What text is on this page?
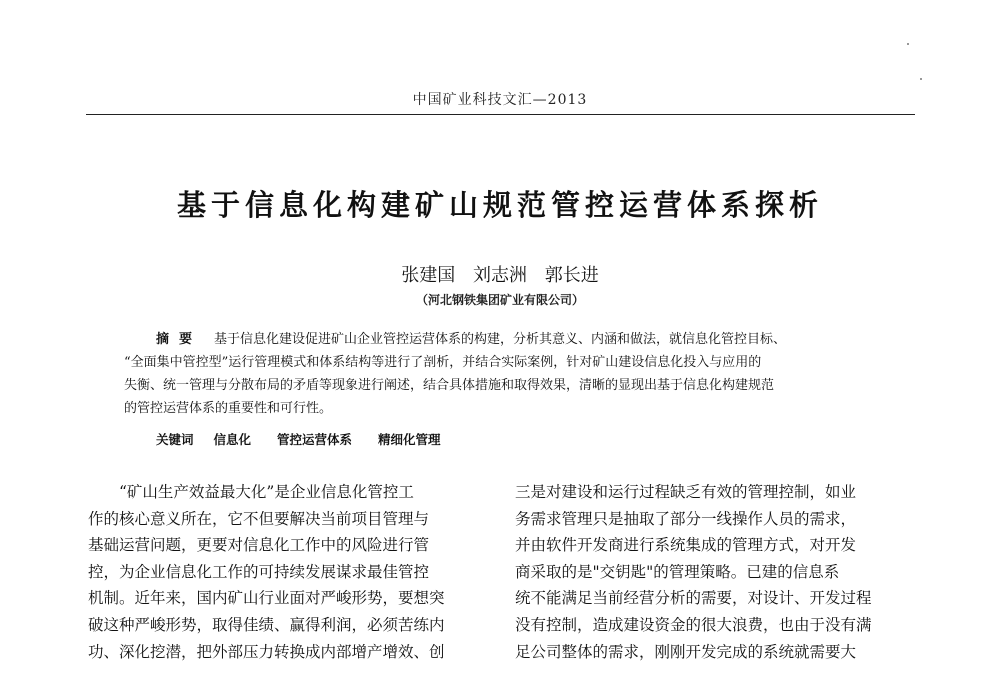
中国矿业科技文汇—2013
基于信息化构建矿山规范管控运营体系探析
张建国 刘志洲 郭长进
（河北钢铁集团矿业有限公司）
摘要 基于信息化建设促进矿山企业管控运营体系的构建，分析其意义、内涵和做法，就信息化管控目标、
“全面集中管控型”运行管理模式和体系结构等进行了剖析，并结合实际案例，针对矿山建设信息化投入与应用的
失衡、统一管理与分散布局的矛盾等现象进行阐述，结合具体措施和取得效果，清晰的显现出基于信息化构建规范
的管控运营体系的重要性和可行性。
关键词 信息化 管控运营体系 精细化管理
“矿山生产效益最大化”是企业信息化管控工
作的核心意义所在，它不但要解决当前项目管理与
基础运营问题，更要对信息化工作中的风险进行管
控，为企业信息化工作的可持续发展谋求最佳管控
机制。近年来，国内矿山行业面对严峻形势，要想突
破这种严峻形势，取得佳绩、赢得利润，必须苦练内
功、深化挖潜，把外部压力转换成内部增产增效、创
三是对建设和运行过程缺乏有效的管理控制，如业
务需求管理只是抽取了部分一线操作人员的需求，
并由软件开发商进行系统集成的管理方式，对开发
商采取的是"交钥匙"的管理策略。已建的信息系
统不能满足当前经营分析的需要，对设计、开发过程
没有控制，造成建设资金的很大浪费，也由于没有满
足公司整体的需求，刚刚开发完成的系统就需要大
